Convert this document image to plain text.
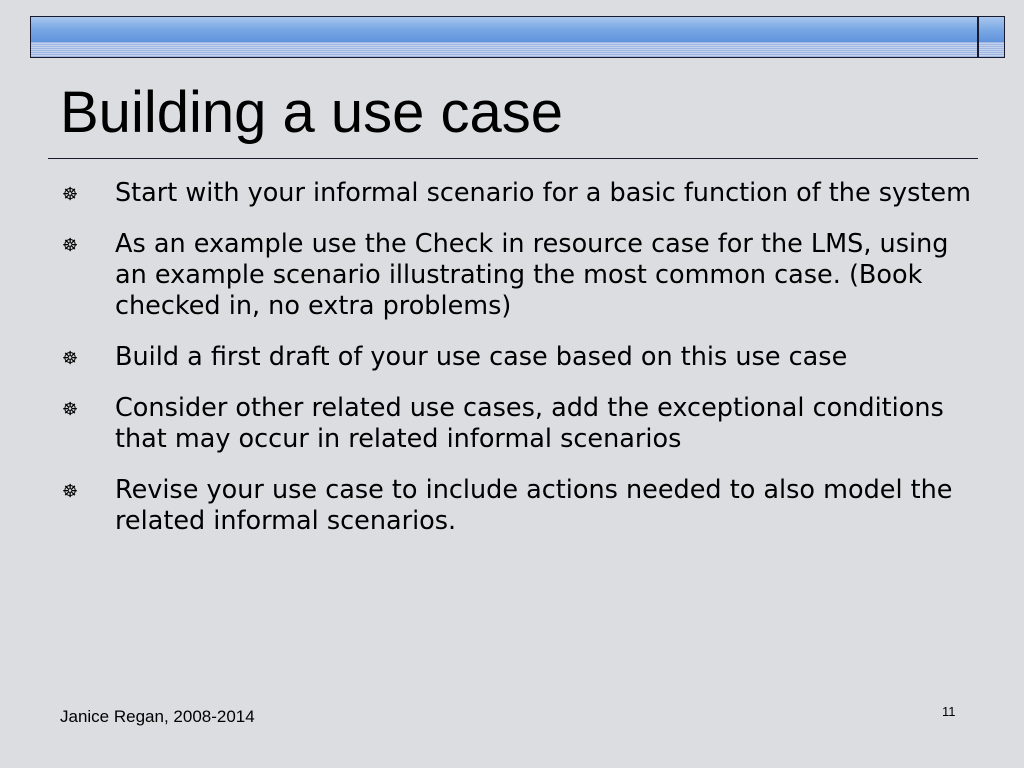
Building a use case
☸ Start with your informal scenario for a basic function of the system
☸ As an example use the Check in resource case for the LMS, using an example scenario illustrating the most common case. (Book checked in, no extra problems)
☸ Build a first draft of your use case based on this use case
☸ Consider other related use cases, add the exceptional conditions that may occur in related informal scenarios
☸ Revise your use case to include actions needed to also model the related informal scenarios.
Janice Regan, 2008-2014	11
